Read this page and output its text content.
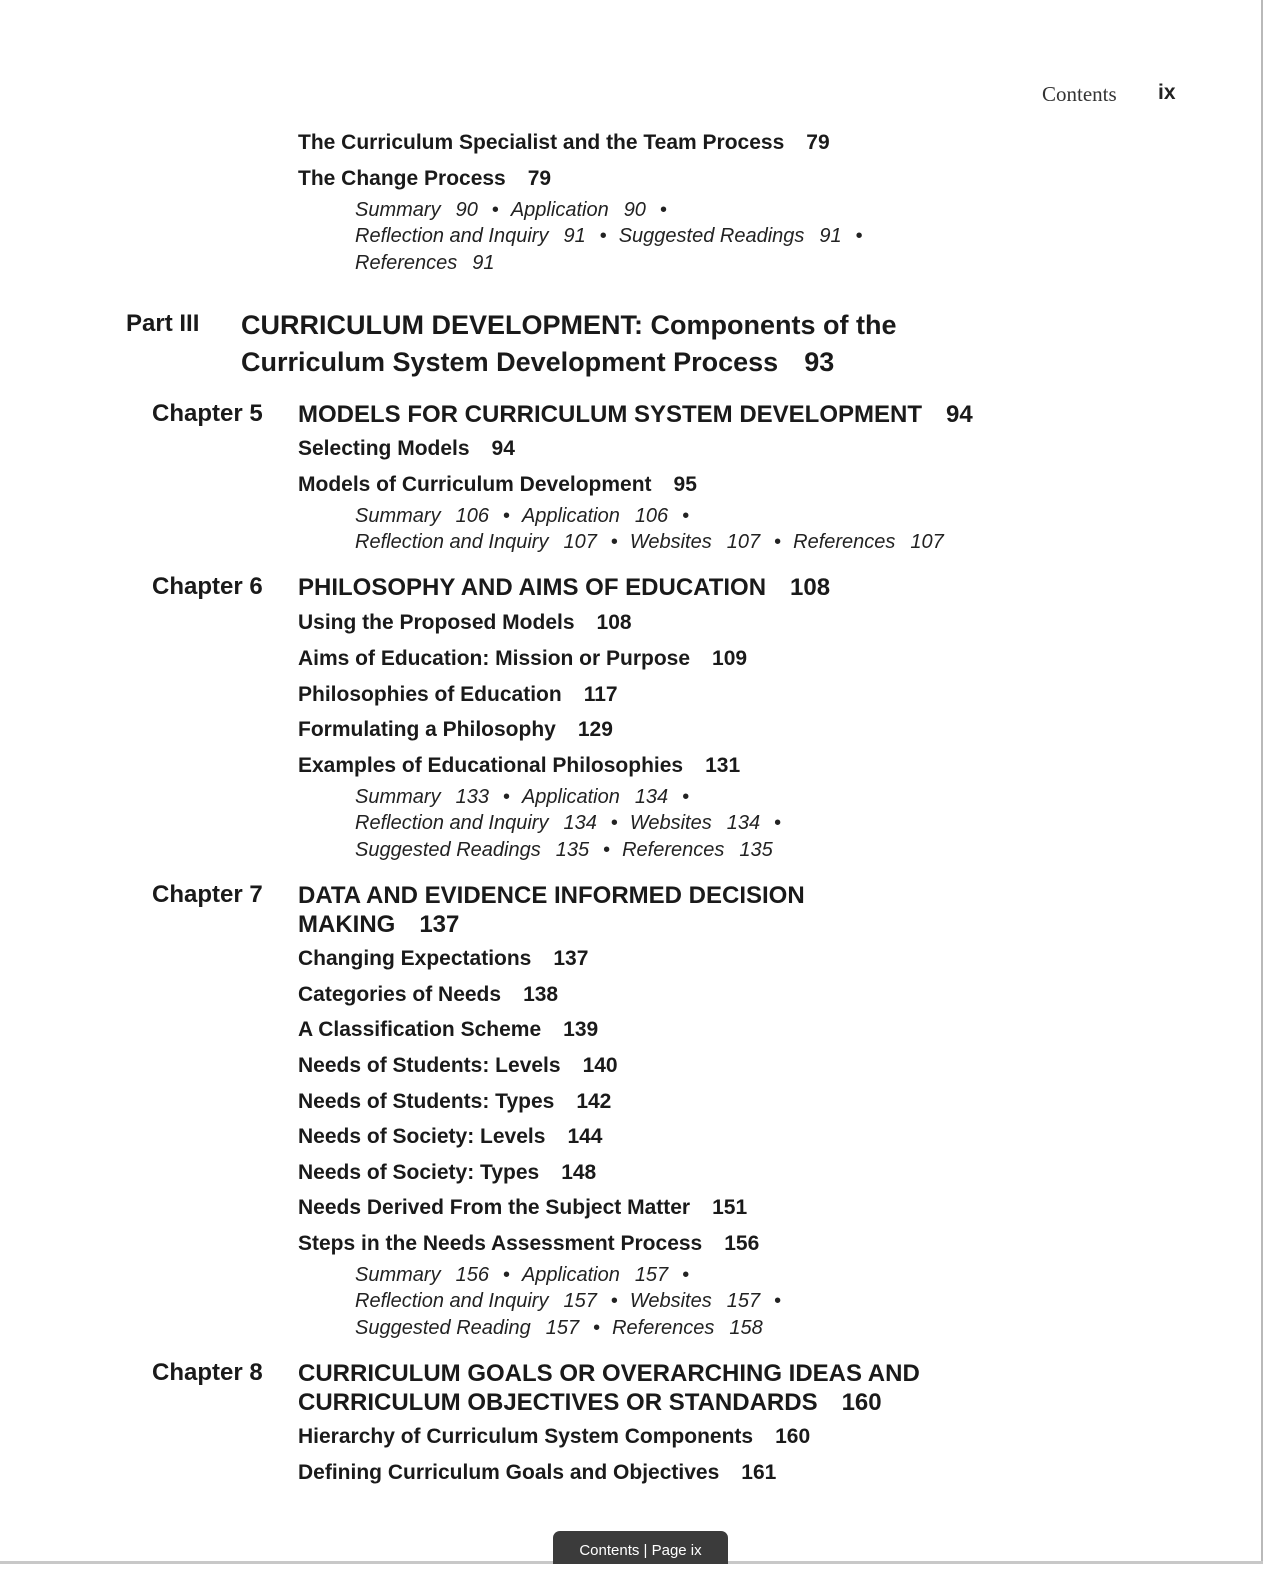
Contents ix
The Curriculum Specialist and the Team Process 79
The Change Process 79
Summary 90 • Application 90 •
Reflection and Inquiry 91 • Suggested Readings 91 •
References 91
Part III CURRICULUM DEVELOPMENT: Components of the
Curriculum System Development Process 93
Chapter 5 MODELS FOR CURRICULUM SYSTEM DEVELOPMENT 94
Selecting Models 94
Models of Curriculum Development 95
Summary 106 • Application 106 •
Reflection and Inquiry 107 • Websites 107 • References 107
Chapter 6 PHILOSOPHY AND AIMS OF EDUCATION 108
Using the Proposed Models 108
Aims of Education: Mission or Purpose 109
Philosophies of Education 117
Formulating a Philosophy 129
Examples of Educational Philosophies 131
Summary 133 • Application 134 •
Reflection and Inquiry 134 • Websites 134 •
Suggested Readings 135 • References 135
Chapter 7 DATA AND EVIDENCE INFORMED DECISION
MAKING 137
Changing Expectations 137
Categories of Needs 138
A Classification Scheme 139
Needs of Students: Levels 140
Needs of Students: Types 142
Needs of Society: Levels 144
Needs of Society: Types 148
Needs Derived From the Subject Matter 151
Steps in the Needs Assessment Process 156
Summary 156 • Application 157 •
Reflection and Inquiry 157 • Websites 157 •
Suggested Reading 157 • References 158
Chapter 8 CURRICULUM GOALS OR OVERARCHING IDEAS AND
CURRICULUM OBJECTIVES OR STANDARDS 160
Hierarchy of Curriculum System Components 160
Defining Curriculum Goals and Objectives 161
Contents | Page ix
